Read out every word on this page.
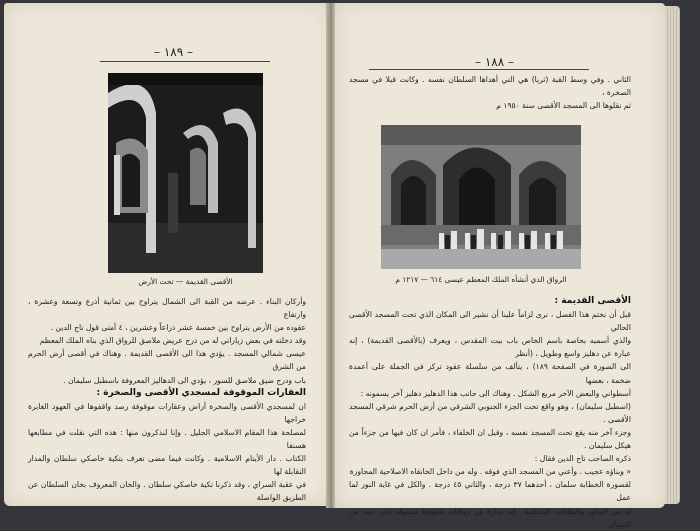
– ١٨٩ –
الأقصى القديمة — تحت الأرض

وأركان البناء . عرضه من القبة الى الشمال يتراوح بين ثمانية أذرع وتسعة وعشرة ، وارتفاع

عقوده من الأرض يتراوح بين خمسة عشر ذراعاً وعشرين ، ٤ أمتى قول تاج الدين .

وقد دخلته في بعض زياراتي له من درج عريض ملاصق للرواق الذي بناه الملك المعظم

عيسى شمالي المسجد . يؤدي هذا الى الأقصى القديمة . وهناك في أقصى أرض الحرم من الشرق

باب ودرج ضيق ملاصق للسور ، يؤدي الى الدهاليز المعروفة باسطبل سليمان .

العقارات الموقوفة لمسجدي الأقصى والصخرة :

ان لمسجدي الأقصى والصخرة أراض وعقارات موقوفة رصد واقفوها في العهود الغابرة خراجها

لمصلحة هذا المقام الاسلامي الجليل . وإنا لنذكرون منها : هذه التي نقلت في مطابعها هسنفا

الكتاب . دار الأيتام الاسلامية . وكانت فيما مضى تعرف بتكية خاصكي سلطان والمدار التقابلة لها

في عقبة السراي ، وقد ذكرنا تكية خاصكي سلطان . والخان المعروف بخان السلطان عن الطريق الواصلة

– ١٨٨ –

الثاني . وفي وسط القبة (ثريا) هي التي أهداها السلطان نفسه . وكانت قبلا في مسجد الصخرة ،

ثم نقلوها الى المسجد الأقصى سنة ١٩٥٠ م

الرواق الذي أنشأه الملك المعظم عيسى ٦١٤ — ١٢١٧ م

الأقصى القديمة :

قبل أن نختم هذا الفصل ، نرى لزاماً علينا أن نشير الى المكان الذي تحت المسجد الأقصى الحالي

والذي أسميه بخاصة باسم الخاص باب بيت المقدس ، ويعرف (بالأقصى القديمة) ، إنه عبارة عن دهليز واسع وطويل ، (أنظر

الى الصورة في الصفحة ١٨٩) ، يتألف من سلسلة عقود تركز في الجملة على أعمدة ضخمة ، بعضها

أسطواني والبعض الآخر مربع الشكل . وهناك الى جانب هذا الدهليز دهليز آخر يسمونه :

(اسطبل سليمان) ، وهو واقع تحت الجزء الجنوبي الشرقي من أرض الحرم شرقي المسجد الأقصى .

وجزء آخر منه يقع تحت المسجد نفسه ، وقيل ان الخلفاء ، فأمر ان كان فيها من جزءاً من هيكل سليمان .

ذكره الصاحب تاج الدين فقال :

« وبناؤه عجيب . وأعني من المسجد الذي فوقه . وله من داخل الخانقاه الاصلاحية المجاورة

لقصورة الخطابة سلمان ، أحدهما ٣٧ درجة ، والثاني ٤٥ درجة . والكل في غاية النور لما عمل

له من المناور والطاقات المحكمة . إنه عبارة عن رواقات عقودها محمولة على عمد من الصوان
